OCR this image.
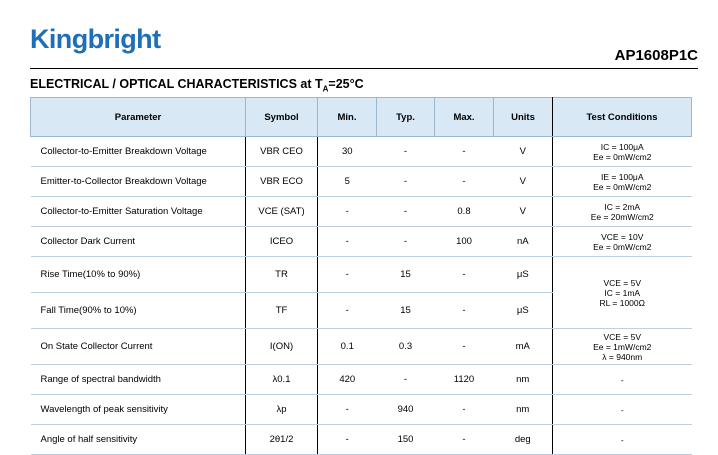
Kingbright
AP1608P1C
ELECTRICAL / OPTICAL CHARACTERISTICS at $T_A=25^\circ C$
Parameter	Symbol	Min.	Typ.	Max.	Units	Test Conditions
Collector-to-Emitter Breakdown Voltage	VBR CEO	30	-	-	V	IC = 100μA
Ee = 0mW/cm2

Emitter-to-Collector Breakdown Voltage	VBR ECO	5	-	-	V	IE = 100μA
Ee = 0mW/cm2

Collector-to-Emitter Saturation Voltage	VCE (SAT)	-	-	0.8	V	IC = 2mA
Ee = 20mW/cm2

Collector Dark Current	ICEO	-	-	100	nA	VCE = 10V
Ee = 0mW/cm2

Rise Time(10% to 90%)	TR	-	15	-	μS	VCE = 5V
IC = 1mA
RL = 1000Ω

Fall Time(90% to 10%)	TF	-	15	-	μS	
On State Collector Current	I(ON)	0.1	0.3	-	mA	VCE = 5V
Ee = 1mW/cm2
λ = 940nm

Range of spectral bandwidth	λ0.1	420	-	1120	nm	-

Wavelength of peak sensitivity	λp	-	940	-	nm	-

Angle of half sensitivity	2θ1/2	-	150	-	deg	-
